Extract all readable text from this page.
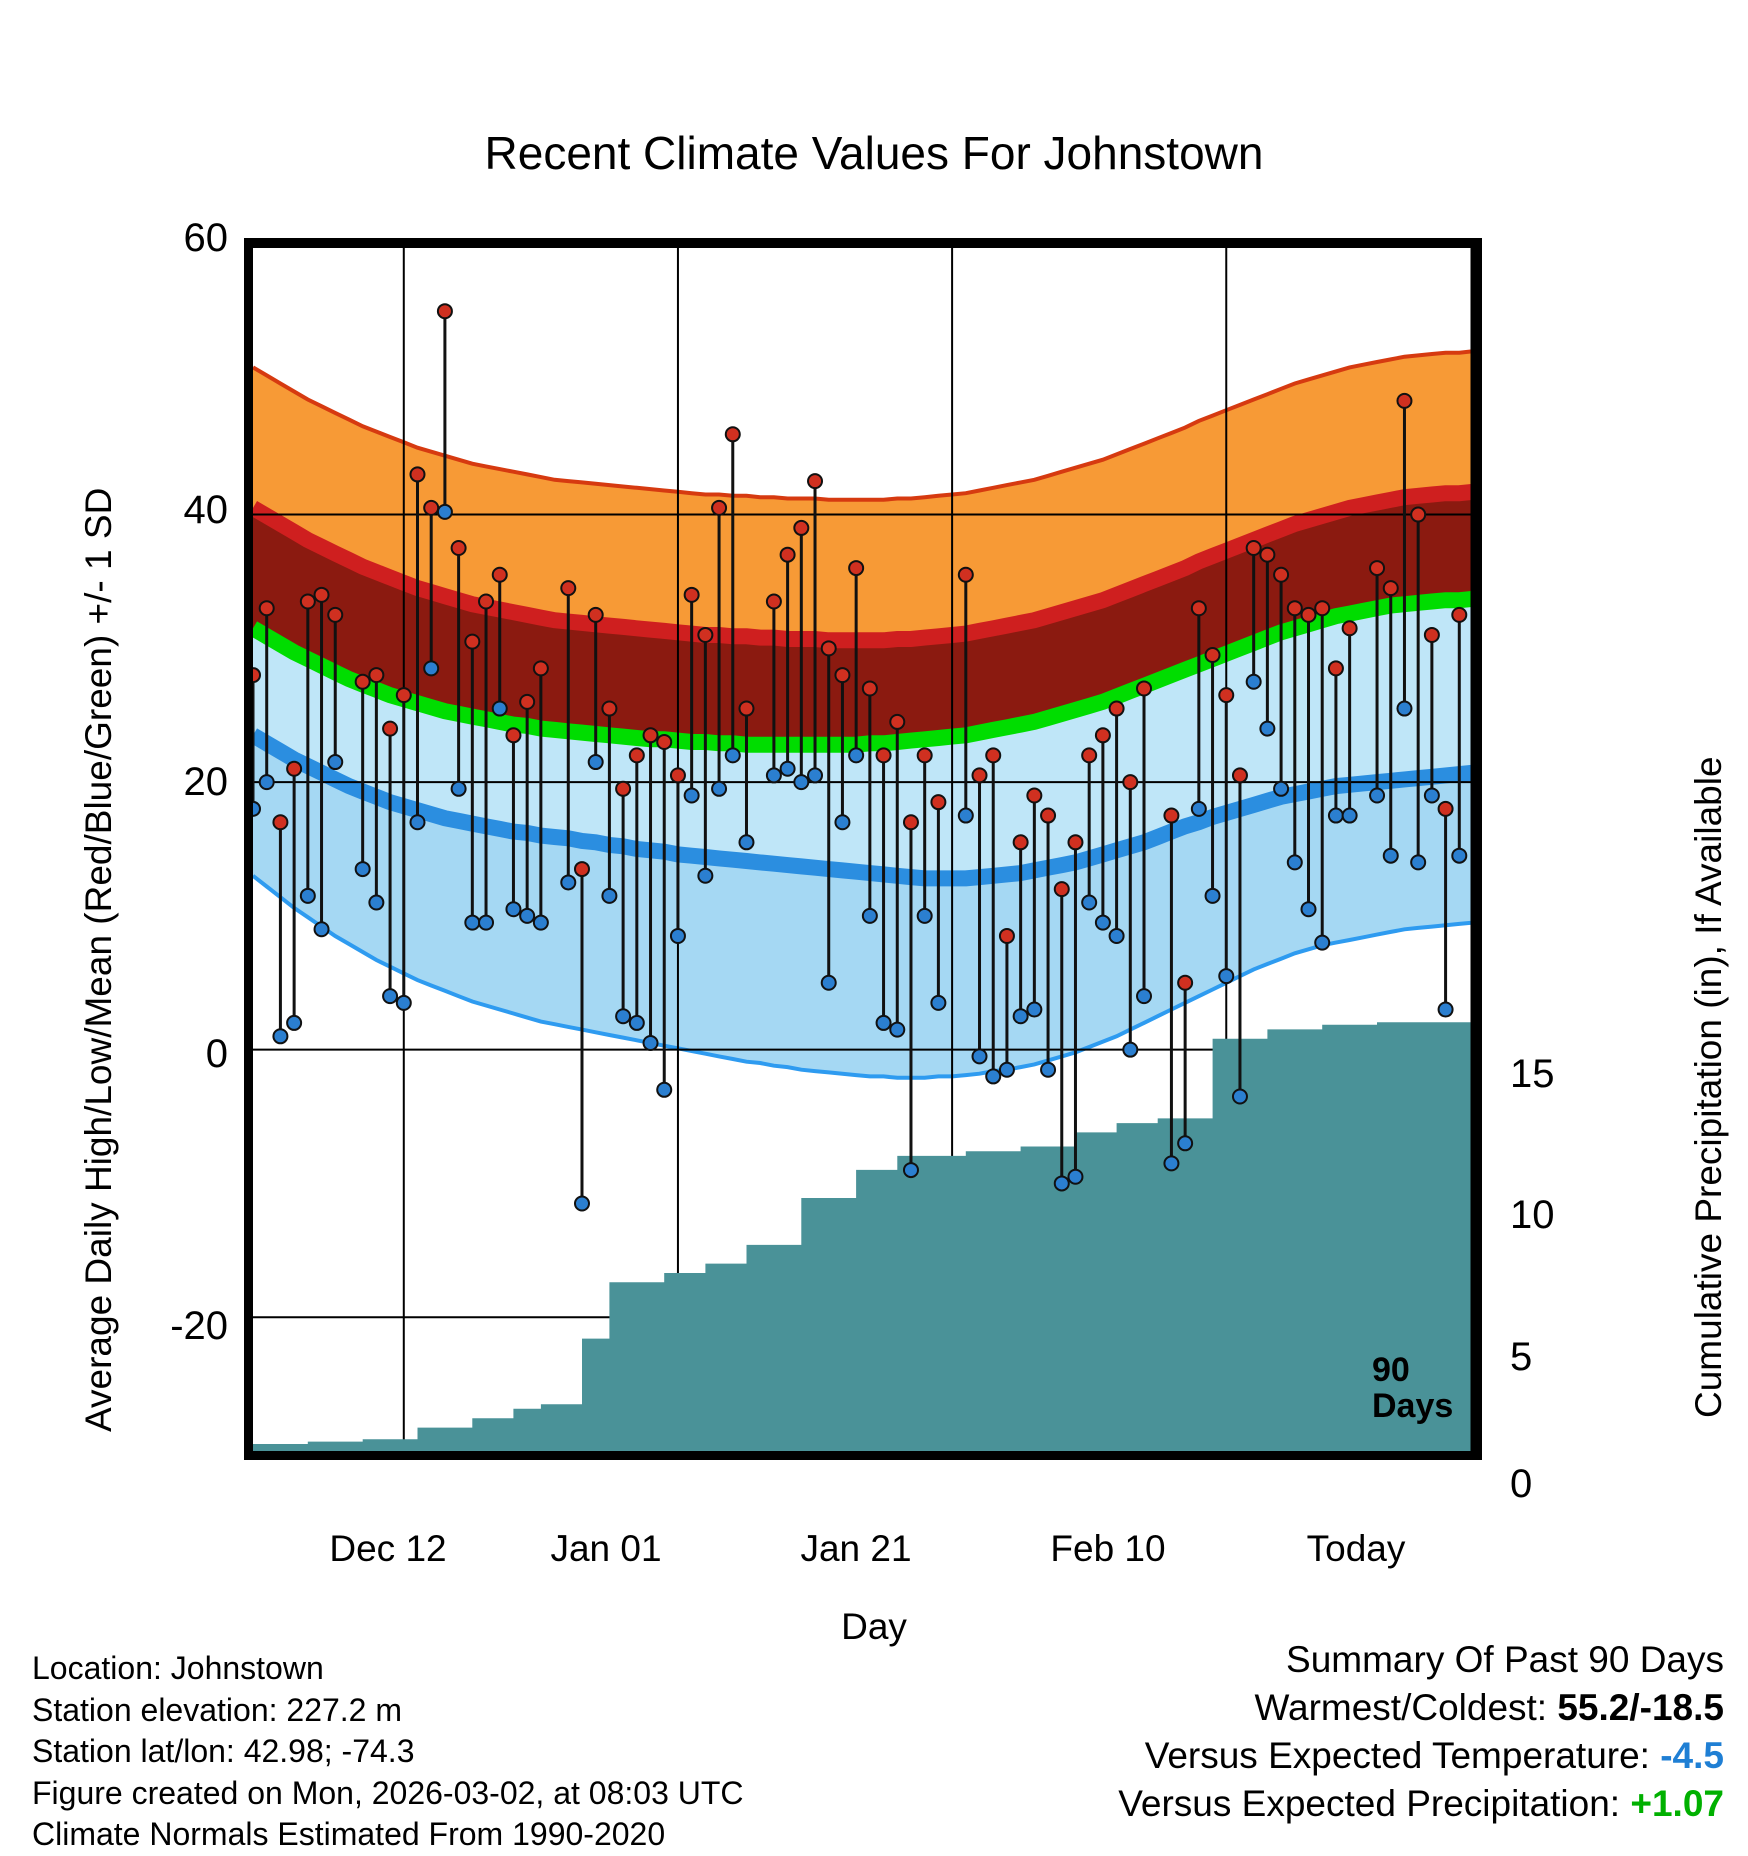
Recent Climate Values For Johnstown
Average Daily High/Low/Mean (Red/Blue/Green) +/- 1 SD	Cumulative Precipitation (in), If Available
60
40
20
0
-20
15
10
5
0
Dec 12	Jan 01	Jan 21	Feb 10	Today
Day
90
Days
Location: Johnstown
Station elevation: 227.2 m
Station lat/lon: 42.98; -74.3
Figure created on Mon, 2026-03-02, at 08:03 UTC
Climate Normals Estimated From 1990-2020
Summary Of Past 90 Days
Warmest/Coldest: 55.2/-18.5
Versus Expected Temperature: -4.5
Versus Expected Precipitation: +1.07
